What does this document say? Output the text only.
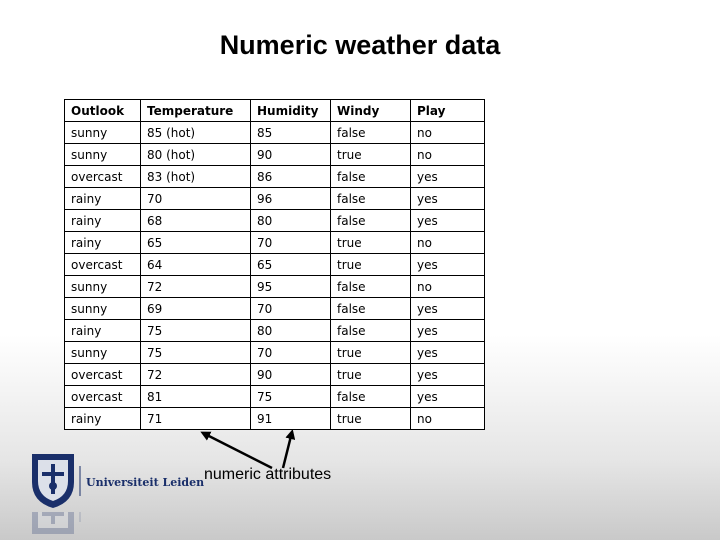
Numeric weather data
Outlook	Temperature	Humidity	Windy	Play
sunny	85 (hot)	85	false	no
sunny	80 (hot)	90	true	no
overcast	83 (hot)	86	false	yes
rainy	70	96	false	yes
rainy	68	80	false	yes
rainy	65	70	true	no
overcast	64	65	true	yes
sunny	72	95	false	no
sunny	69	70	false	yes
rainy	75	80	false	yes
sunny	75	70	true	yes
overcast	72	90	true	yes
overcast	81	75	false	yes
rainy	71	91	true	no
numeric attributes
Universiteit Leiden
